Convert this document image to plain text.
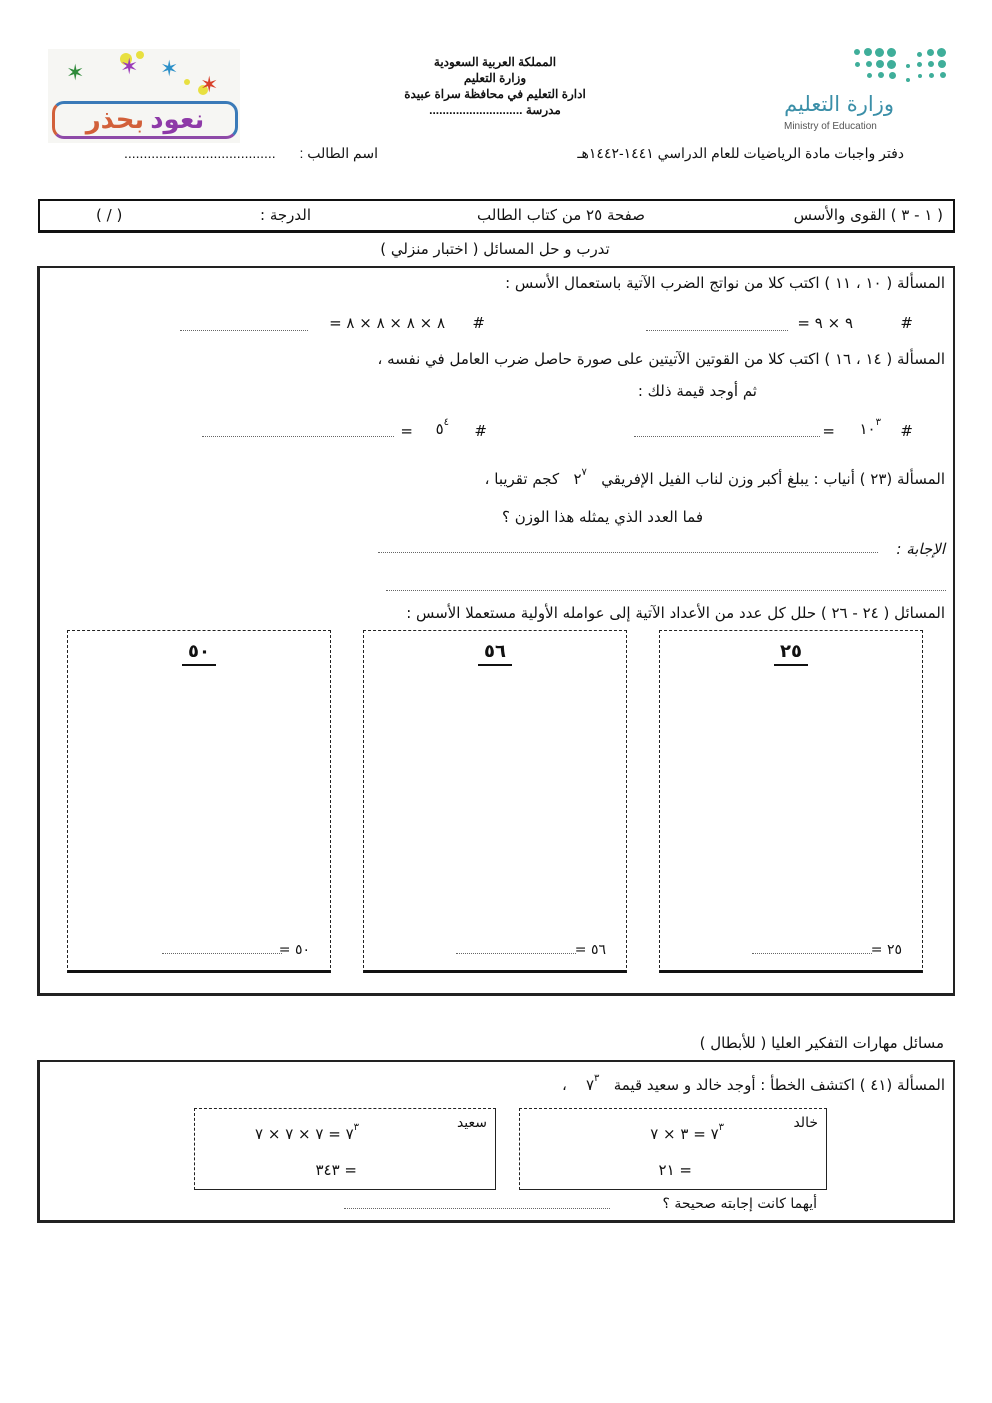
✶ ✶ ✶
✶
نعود
بحذر
المملكة العربية السعودية
وزارة التعليم
ادارة التعليم في محافظة سراة عبيدة
مدرسة ............................	وزارة التعليم
Ministry of Education
دفتر واجبات مادة الرياضيات للعام الدراسي ١٤٤١-١٤٤٢هـ
اسم الطالب :
.......................................
( ١ - ٣ ) القوى والأسس
صفحة ٢٥ من كتاب الطالب
الدرجة :
( / )
تدرب و حل المسائل ( اختبار منزلي )
المسألة ( ١٠ ، ١١ ) اكتب كلا من نواتج الضرب الآتية باستعمال الأسس :
#
٩ × ٩ =
#
٨ × ٨ × ٨ × ٨ =
المسألة ( ١٤ ، ١٦ ) اكتب كلا من القوتين الآتيتين على صورة حاصل ضرب العامل في نفسه ،
ثم أوجد قيمة ذلك :
#
$١٠^٣$
=
#
$٥^٤$
=
المسألة (٢٣ ) أنياب : يبلغ أكبر وزن لناب الفيل الإفريقي   $٢^٧$   كجم تقريبا ،
فما العدد الذي يمثله هذا الوزن ؟
الإجابة :
المسائل ( ٢٤ - ٢٦ ) حلل كل عدد من الأعداد الآتية إلى عوامله الأولية مستعملا الأسس :
٢٥
٢٥ =
٥٦
٥٦ =
٥٠
٥٠ =
مسائل مهارات التفكير العليا ( للأبطال )
المسألة (٤١ ) اكتشف الخطأ : أوجد خالد و سعيد قيمة   $٧^٣$    ،
خالد
$٧^٣$ = ٣ × ٧
= ٢١
سعيد
$٧^٣$ = ٧ × ٧ × ٧
= ٣٤٣
أيهما كانت إجابته صحيحة ؟
